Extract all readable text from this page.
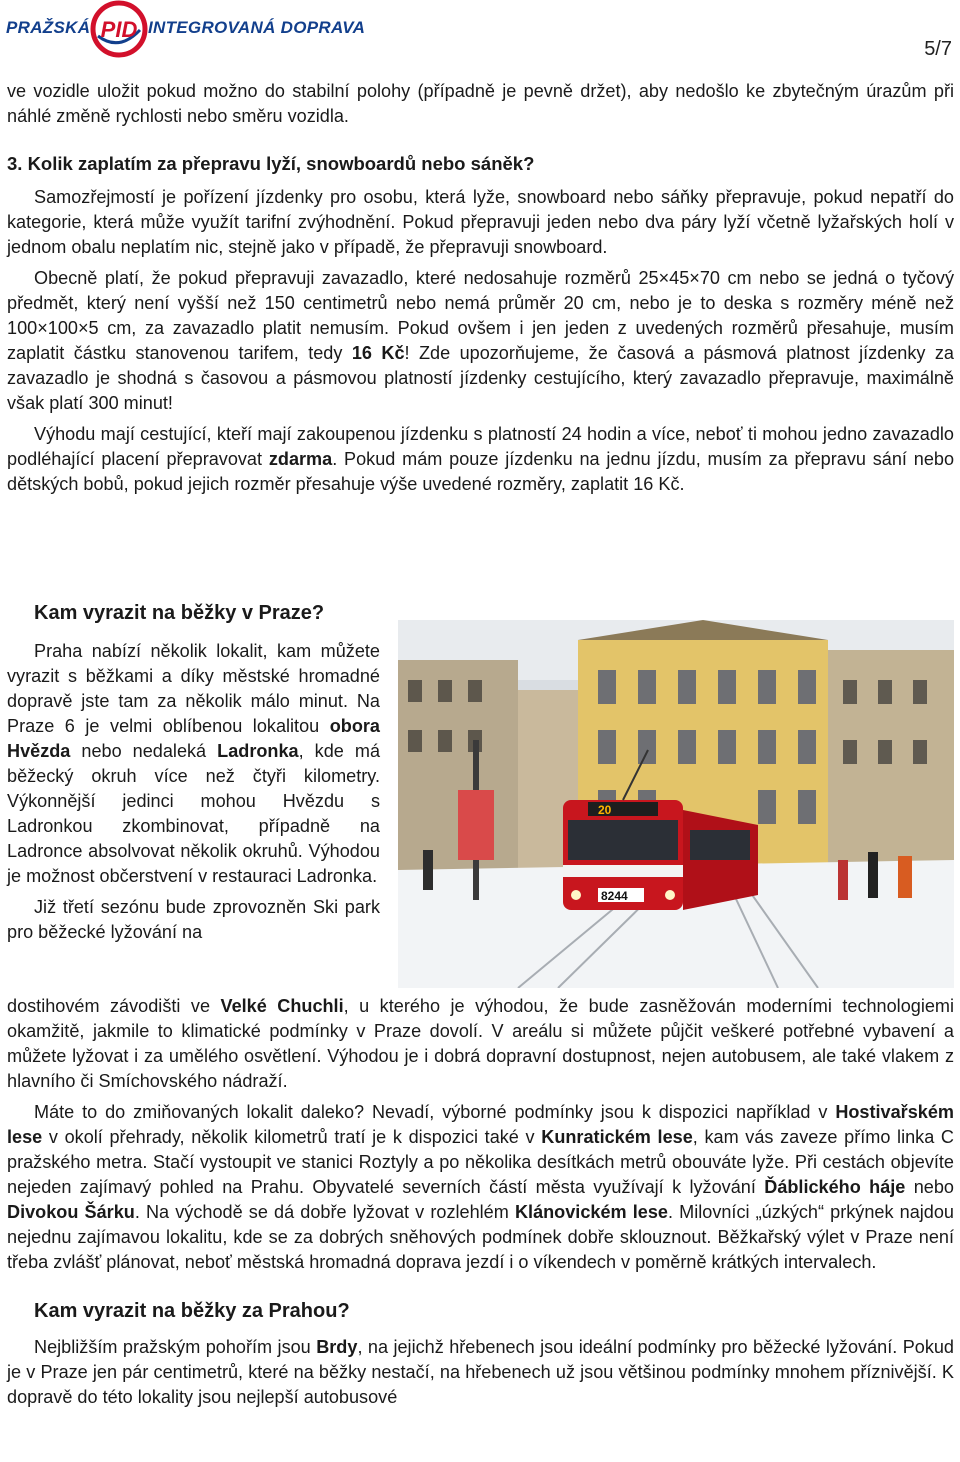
PRAŽSKÁ PID INTEGROVANÁ DOPRAVA
5/7

ve vozidle uložit pokud možno do stabilní polohy (případně je pevně držet), aby nedošlo ke zbytečným úrazům při náhlé změně rychlosti nebo směru vozidla.

3. Kolik zaplatím za přepravu lyží, snowboardů nebo sáněk?

Samozřejmostí je pořízení jízdenky pro osobu, která lyže, snowboard nebo sáňky přepravuje, pokud nepatří do kategorie, která může využít tarifní zvýhodnění. Pokud přepravuji jeden nebo dva páry lyží včetně lyžařských holí v jednom obalu neplatím nic, stejně jako v případě, že přepravuji snowboard.

Obecně platí, že pokud přepravuji zavazadlo, které nedosahuje rozměrů 25×45×70 cm nebo se jedná o tyčový předmět, který není vyšší než 150 centimetrů nebo nemá průměr 20 cm, nebo je to deska s rozměry méně než 100×100×5 cm, za zavazadlo platit nemusím. Pokud ovšem i jen jeden z uvedených rozměrů přesahuje, musím zaplatit částku stanovenou tarifem, tedy 16 Kč! Zde upozorňujeme, že časová a pásmová platnost jízdenky za zavazadlo je shodná s časovou a pásmovou platností jízdenky cestujícího, který zavazadlo přepravuje, maximálně však platí 300 minut!

Výhodu mají cestující, kteří mají zakoupenou jízdenku s platností 24 hodin a více, neboť ti mohou jedno zavazadlo podléhající placení přepravovat zdarma. Pokud mám pouze jízdenku na jednu jízdu, musím za přepravu sání nebo dětských bobů, pokud jejich rozměr přesahuje výše uvedené rozměry, zaplatit 16 Kč.

Kam vyrazit na běžky v Praze?

Praha nabízí několik lokalit, kam můžete vyrazit s běžkami a díky městské hromadné dopravě jste tam za několik málo minut. Na Praze 6 je velmi oblíbenou lokalitou obora Hvězda nebo nedaleká Ladronka, kde má běžecký okruh více než čtyři kilometry. Výkonnější jedinci mohou Hvězdu s Ladronkou zkombinovat, případně na Ladronce absolvovat několik okruhů. Výhodou je možnost občerstvení v restauraci Ladronka.

Již třetí sezónu bude zprovozněn Ski park pro běžecké lyžování na

20
8244

dostihovém závodišti ve Velké Chuchli, u kterého je výhodou, že bude zasněžován moderními technologiemi okamžitě, jakmile to klimatické podmínky v Praze dovolí. V areálu si můžete půjčit veškeré potřebné vybavení a můžete lyžovat i za umělého osvětlení. Výhodou je i dobrá dopravní dostupnost, nejen autobusem, ale také vlakem z hlavního či Smíchovského nádraží.

Máte to do zmiňovaných lokalit daleko? Nevadí, výborné podmínky jsou k dispozici například v Hostivařském lese v okolí přehrady, několik kilometrů tratí je k dispozici také v Kunratickém lese, kam vás zaveze přímo linka C pražského metra. Stačí vystoupit ve stanici Roztyly a po několika desítkách metrů obouváte lyže. Při cestách objevíte nejeden zajímavý pohled na Prahu. Obyvatelé severních částí města využívají k lyžování Ďáblického háje nebo Divokou Šárku. Na východě se dá dobře lyžovat v rozlehlém Klánovickém lese. Milovníci „úzkých“ prkýnek najdou nejednu zajímavou lokalitu, kde se za dobrých sněhových podmínek dobře sklouznout. Běžkařský výlet v Praze není třeba zvlášť plánovat, neboť městská hromadná doprava jezdí i o víkendech v poměrně krátkých intervalech.

Kam vyrazit na běžky za Prahou?

Nejbližším pražským pohořím jsou Brdy, na jejichž hřebenech jsou ideální podmínky pro běžecké lyžování. Pokud je v Praze jen pár centimetrů, které na běžky nestačí, na hřebenech už jsou většinou podmínky mnohem příznivější. K dopravě do této lokality jsou nejlepší autobusové
